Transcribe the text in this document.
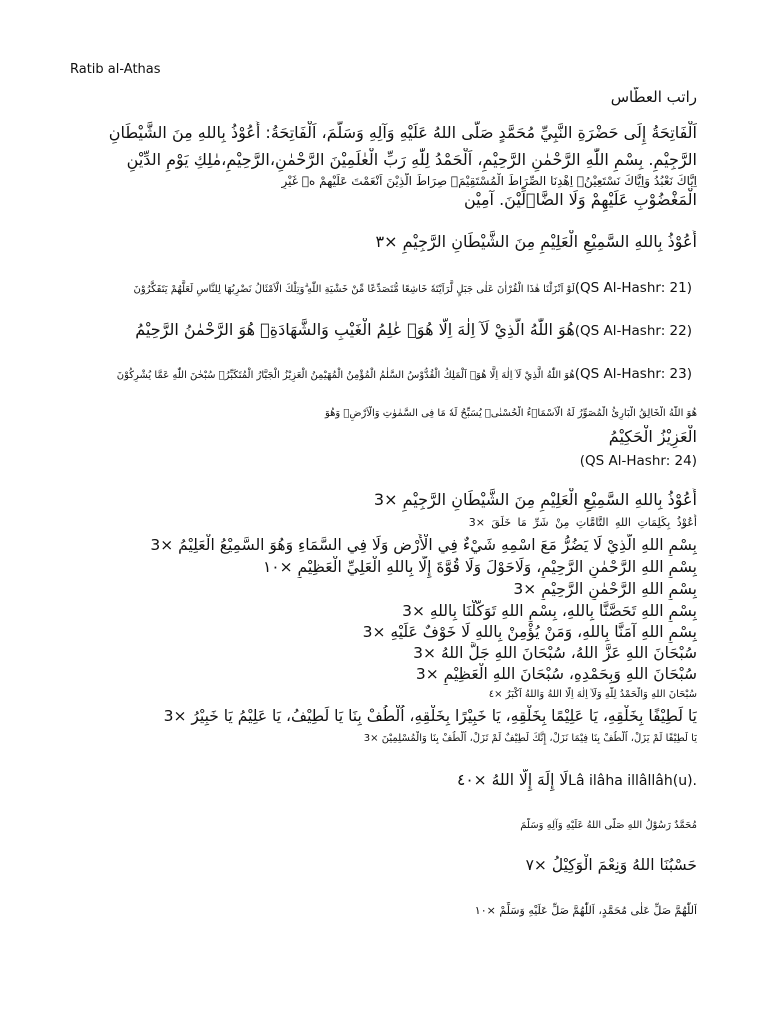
Ratib al-Athas
راتب العطّاس
اَلْفَاتِحَةُ إِلَى حَضْرَةِ النَّبِيِّ مُحَمَّدٍ صَلَّى اللهُ عَلَيْهِ وَآلِهِ وَسَلَّمَ، اَلْفَاتِحَةُ: أَعُوْذُ بِاللهِ مِنَ الشَّيْطَانِ
الرَّجِيْمِ. بِسْمِ اللّٰهِ الرَّحْمٰنِ الرَّحِيْمِ، اَلْحَمْدُ لِلّٰهِ رَبِّ الْعٰلَمِيْنَ الرَّحْمٰنِ،الرَّحِيْمِ،مٰلِكِ يَوْمِ الدِّيْنِ
اِيَّاكَ نَعْبُدُ وَاِيَّاكَ نَسْتَعِيْنُۗ اِهْدِنَا الصِّرَاطَ الْمُسْتَقِيْمَۙ صِرَاطَ الَّذِيْنَ اَنْعَمْتَ عَلَيْهِمْ ەۙ غَيْرِ
الْمَغْضُوْبِ عَلَيْهِمْ وَلَا الضَّاۤلِّيْنَ. آمِيْن
أَعُوْذُ بِاللهِ السَّمِيْعِ الْعَلِيْمِ مِنَ الشَّيْطَانِ الرَّجِيْمِ ×٣
(QS Al-Hashr: 21)لَوْ اَنْزَلْنَا هٰذَا الْقُرْاٰنَ عَلٰى جَبَلٍ لَّرَاَيْتَهٗ خَاشِعًا مُّتَصَدِّعًا مِّنْ خَشْيَةِ اللّٰهِ ۗوَتِلْكَ الْاَمْثَالُ نَضْرِبُهَا لِلنَّاسِ لَعَلَّهُمْ يَتَفَكَّرُوْنَ
(QS Al-Hashr: 22)هُوَ اللّٰهُ الَّذِيْ لَآ اِلٰهَ اِلَّا هُوَۚ عٰلِمُ الْغَيْبِ وَالشَّهَادَةِۚ هُوَ الرَّحْمٰنُ الرَّحِيْمُ
(QS Al-Hashr: 23)هُوَ اللّٰهُ الَّذِيْ لَآ اِلٰهَ اِلَّا هُوَۚ اَلْمَلِكُ الْقُدُّوْسُ السَّلٰمُ الْمُؤْمِنُ الْمُهَيْمِنُ الْعَزِيْزُ الْجَبَّارُ الْمُتَكَبِّرُۗ سُبْحٰنَ اللّٰهِ عَمَّا يُشْرِكُوْنَ
هُوَ اللّٰهُ الْخَالِقُ الْبَارِئُ الْمُصَوِّرُ لَهُ الْاَسْمَاۤءُ الْحُسْنٰىۗ يُسَبِّحُ لَهٗ مَا فِى السَّمٰوٰتِ وَالْاَرْضِۚ وَهُوَ
الْعَزِيْزُ الْحَكِيْمُ
(QS Al-Hashr: 24)
أَعُوْذُ بِاللهِ السَّمِيْعِ الْعَلِيْمِ مِنَ الشَّيْطَانِ الرَّجِيْمِ ×3
أَعُوْذُ بِكَلِمَاتِ اللهِ التَّامَّاتِ مِنْ شَرِّ مَا خَلَقَ ×3
بِسْمِ اللهِ الَّذِيْ لَا يَضُرُّ مَعَ اسْمِهِ شَيْءٌ فِي الْأَرْضِ وَلَا فِي السَّمَاءِ وَهُوَ السَّمِيْعُ الْعَلِيْمُ ×3
بِسْمِ اللهِ الرَّحْمٰنِ الرَّحِيْمِ، وَلَاحَوْلَ وَلَا قُوَّةَ إِلَّا بِاللهِ الْعَلِيِّ الْعَظِيْمِ ×١٠
بِسْمِ اللهِ الرَّحْمٰنِ الرَّحِيْمِ ×3
بِسْمِ اللهِ تَحَصَّنَّا بِاللهِ، بِسْمِ اللهِ تَوَكَّلْنَا بِاللهِ ×3
بِسْمِ اللهِ آمَنَّا بِاللهِ، وَمَنْ يُؤْمِنْ بِاللهِ لَا خَوْفٌ عَلَيْهِ ×3
سُبْحَانَ اللهِ عَزَّ اللهُ، سُبْحَانَ اللهِ جَلَّ اللهُ ×3
سُبْحَانَ اللهِ وَبِحَمْدِهِ، سُبْحَانَ اللهِ الْعَظِيْمِ ×3
سُبْحَانَ اللهِ وَالْحَمْدُ لِلّٰهِ وَلَآ اِلٰهَ اِلَّا اللهُ وَاللهُ اَكْبَرُ ×٤
يَا لَطِيْفًا بِخَلْقِهِ، يَا عَلِيْمًا بِخَلْقِهِ، يَا خَبِيْرًا بِخَلْقِهِ، اُلْطُفْ بِنَا يَا لَطِيْفُ، يَا عَلِيْمُ يَا خَبِيْرُ ×3
يَا لَطِيْفًا لَمْ يَزَلْ، اُلْطُفْ بِنَا فِيْمَا نَزَلْ، إِنَّكَ لَطِيْفٌ لَمْ تَزَلْ، اُلْطُفْ بِنَا وَالْمُسْلِمِيْنَ ×3
لَا إِلَهَ إِلَّا اللهُ ×٤٠Lâ ilâha illâllâh(u).
مُحَمَّدٌ رَسُوْلُ اللهِ صَلَّى اللهُ عَلَيْهِ وَآلِهِ وَسَلَّمَ
حَسْبُنَا اللهُ وَنِعْمَ الْوَكِيْلُ ×٧
اَللّٰهُمَّ صَلِّ عَلٰى مُحَمَّدٍ، اَللّٰهُمَّ صَلِّ عَلَيْهِ وَسَلِّمْ ×١٠
